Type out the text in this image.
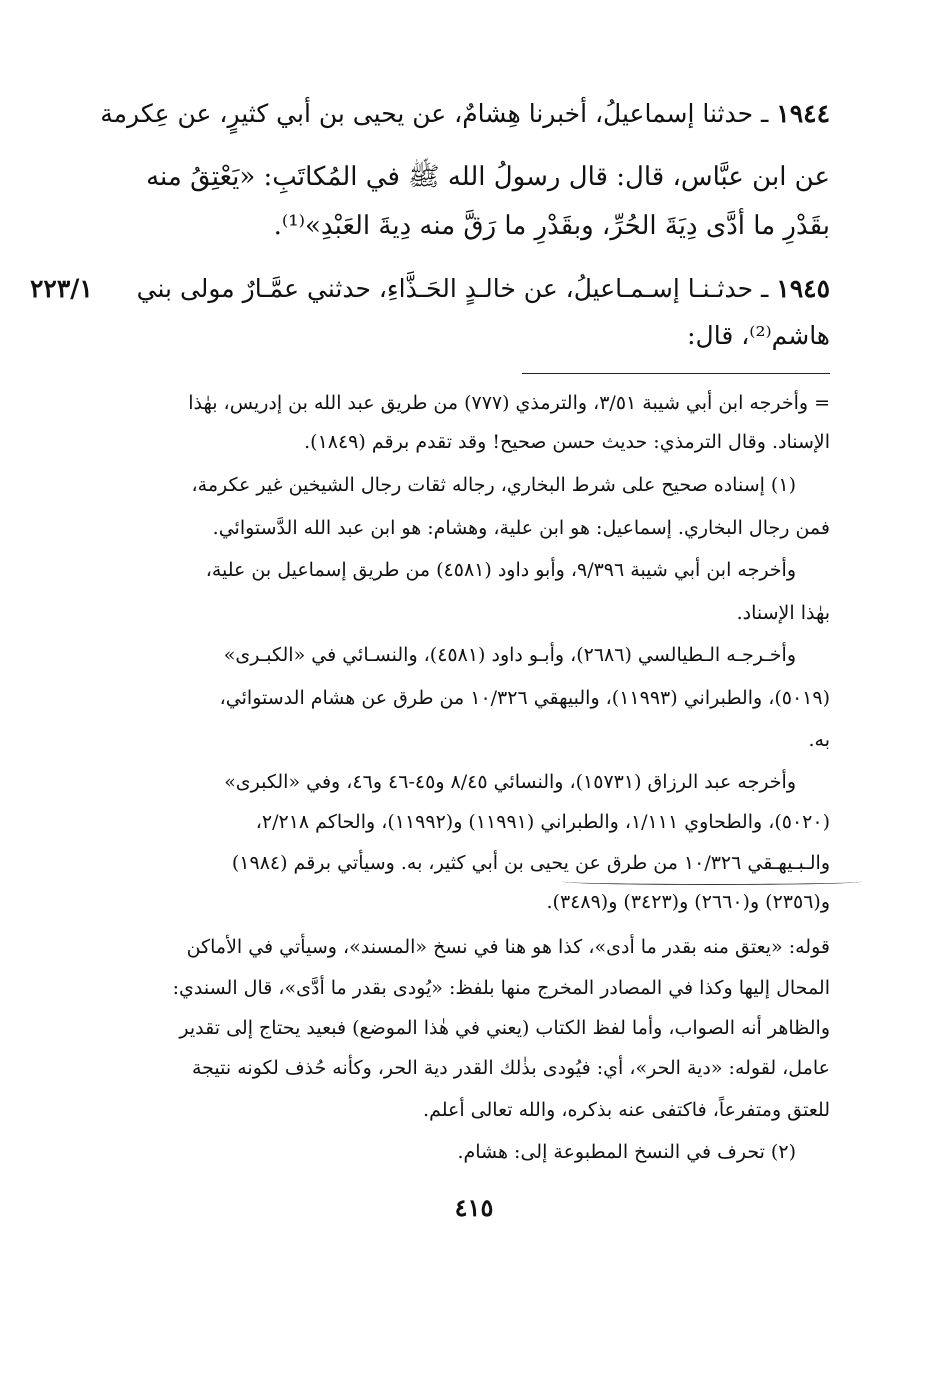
١٩٤٤ ـ حدثنا إسماعيلُ، أخبرنا هِشامٌ، عن يحيى بن أبي كثيرٍ، عن عِكرمة
عن ابن عبَّاس، قال: قال رسولُ الله ﷺ في المُكاتَبِ: «يَعْتِقُ منه
بقَدْرِ ما أدَّى دِيَةَ الحُرِّ، وبقَدْرِ ما رَقَّ منه دِيةَ العَبْدِ»⁽¹⁾.
١٩٤٥ ـ حدثـنـا إسـمـاعيلُ، عن خالـدٍ الحَـذَّاءِ، حدثني عمَّـارٌ مولى بني
٢٢٣/١
هاشم⁽²⁾، قال:
= وأخرجه ابن أبي شيبة ٣/٥١، والترمذي (٧٧٧) من طريق عبد الله بن إدريس، بهٰذا
الإسناد. وقال الترمذي: حديث حسن صحيح! وقد تقدم برقم (١٨٤٩).
(١) إسناده صحيح على شرط البخاري، رجاله ثقات رجال الشيخين غير عكرمة،
فمن رجال البخاري. إسماعيل: هو ابن علية، وهشام: هو ابن عبد الله الدَّستوائي.
وأخرجه ابن أبي شيبة ٩/٣٩٦، وأبو داود (٤٥٨١) من طريق إسماعيل بن علية،
بهٰذا الإسناد.
وأخـرجـه الـطيالسي (٢٦٨٦)، وأبـو داود (٤٥٨١)، والنسـائي في «الكبـرى»
(٥٠١٩)، والطبراني (١١٩٩٣)، والبيهقي ١٠/٣٢٦ من طرق عن هشام الدستوائي،
به.
وأخرجه عبد الرزاق (١٥٧٣١)، والنسائي ٨/٤٥ و٤٥-٤٦ و٤٦، وفي «الكبرى»
(٥٠٢٠)، والطحاوي ١/١١١، والطبراني (١١٩٩١) و(١١٩٩٢)، والحاكم ٢/٢١٨،
والـبـيهـقي ١٠/٣٢٦ من طرق عن يحيى بن أبي كثير، به. وسيأتي برقم (١٩٨٤)
و(٢٣٥٦) و(٢٦٦٠) و(٣٤٢٣) و(٣٤٨٩).
قوله: «يعتق منه بقدر ما أدى»، كذا هو هنا في نسخ «المسند»، وسيأتي في الأماكن
المحال إليها وكذا في المصادر المخرج منها بلفظ: «يُودى بقدر ما أدَّى»، قال السندي:
والظاهر أنه الصواب، وأما لفظ الكتاب (يعني في هٰذا الموضع) فبعيد يحتاج إلى تقدير
عامل، لقوله: «دية الحر»، أي: فيُودى بذٰلك القدر دية الحر، وكأنه حُذف لكونه نتيجة
للعتق ومتفرعاً، فاكتفى عنه بذكره، والله تعالى أعلم.
(٢) تحرف في النسخ المطبوعة إلى: هشام.
٤١٥
